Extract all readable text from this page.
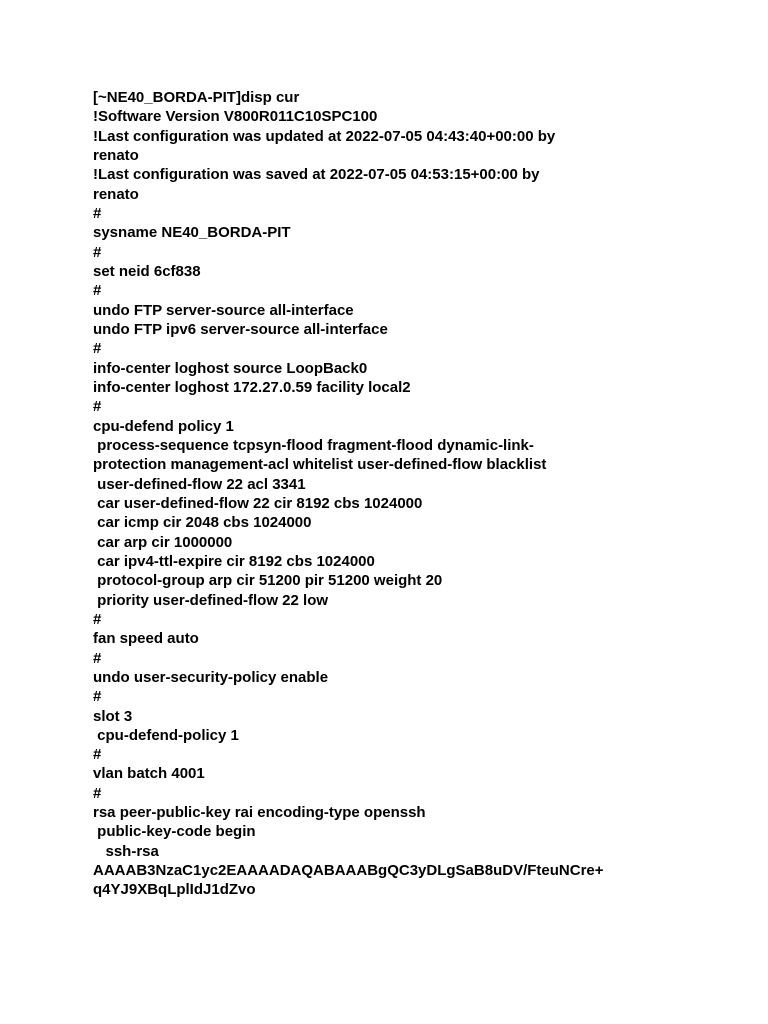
[~NE40_BORDA-PIT]disp cur
!Software Version V800R011C10SPC100
!Last configuration was updated at 2022-07-05 04:43:40+00:00 by
renato
!Last configuration was saved at 2022-07-05 04:53:15+00:00 by
renato
#
sysname NE40_BORDA-PIT
#
set neid 6cf838
#
undo FTP server-source all-interface
undo FTP ipv6 server-source all-interface
#
info-center loghost source LoopBack0
info-center loghost 172.27.0.59 facility local2
#
cpu-defend policy 1
process-sequence tcpsyn-flood fragment-flood dynamic-link-
protection management-acl whitelist user-defined-flow blacklist
user-defined-flow 22 acl 3341
car user-defined-flow 22 cir 8192 cbs 1024000
car icmp cir 2048 cbs 1024000
car arp cir 1000000
car ipv4-ttl-expire cir 8192 cbs 1024000
protocol-group arp cir 51200 pir 51200 weight 20
priority user-defined-flow 22 low
#
fan speed auto
#
undo user-security-policy enable
#
slot 3
cpu-defend-policy 1
#
vlan batch 4001
#
rsa peer-public-key rai encoding-type openssh
public-key-code begin
ssh-rsa
AAAAB3NzaC1yc2EAAAADAQABAAABgQC3yDLgSaB8uDV/FteuNCre+
q4YJ9XBqLplIdJ1dZvo
